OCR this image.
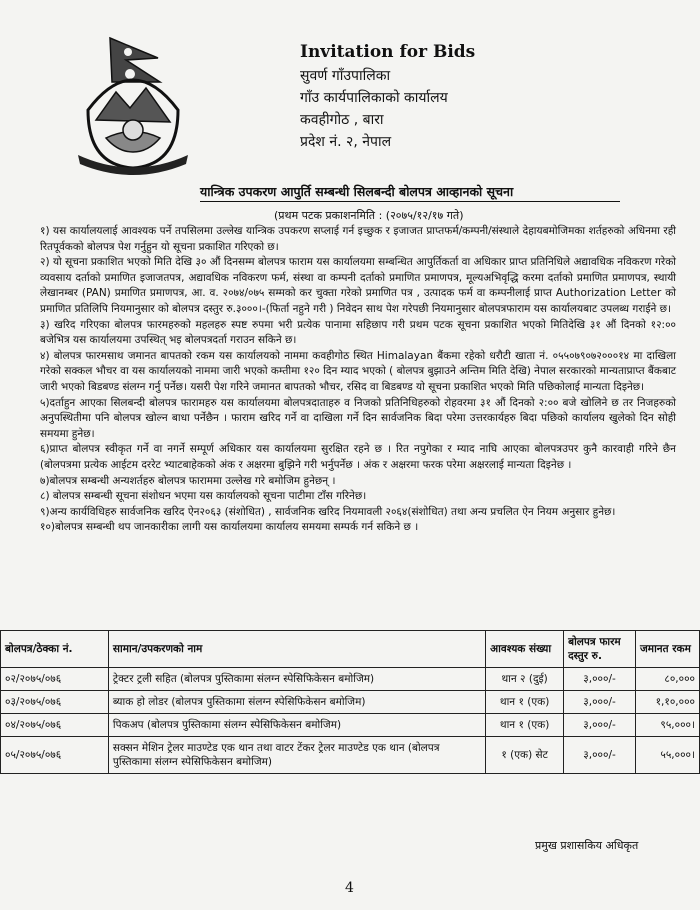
Invitation for Bids
सुवर्ण गाँउपालिका
गाँउ कार्यपालिकाको कार्यालय
कवहीगोठ , बारा
प्रदेश नं. २, नेपाल
यान्त्रिक उपकरण आपुर्ति सम्बन्धी सिलबन्दी बोलपत्र आव्हानको सूचना
(प्रथम पटक प्रकाशनमिति : (२०७५/१२/१७ गते)

१) यस कार्यालयलाई आवश्यक पर्ने तपसिलमा उल्लेख यान्त्रिक उपकरण सप्लाई गर्न इच्छुक र इजाजत प्राप्तफर्म/कम्पनी/संस्थाले देहायबमोजिमका शर्तहरुको अधिनमा रही रितपूर्वकको बोलपत्र पेश गर्नुहुन यो सूचना प्रकाशित गरिएको छ।

२) यो सूचना प्रकाशित भएको मिति देखि ३० औं दिनसम्म बोलपत्र फाराम यस कार्यालयमा सम्बन्धित आपुर्तिकर्ता वा अधिकार प्राप्त प्रतिनिधिले अद्यावधिक नविकरण गरेको व्यवसाय दर्ताको प्रमाणित इजाजतपत्र, अद्यावधिक नविकरण फर्म, संस्था वा कम्पनी दर्ताको प्रमाणित प्रमाणपत्र, मूल्यअभिवृद्धि करमा दर्ताको प्रमाणित प्रमाणपत्र, स्थायी लेखानम्बर (PAN) प्रमाणित प्रमाणपत्र, आ. व. २०७४/०७५ सम्मको कर चुक्ता गरेको प्रमाणित पत्र , उत्पादक फर्म वा कम्पनीलाई प्राप्त Authorization Letter को प्रमाणित प्रतिलिपि नियमानुसार को बोलपत्र दस्तुर रु.३०००।-(फिर्ता नहुने गरी ) निवेदन साथ पेश गरेपछी नियमानुसार बोलपत्रफाराम यस कार्यालयबाट उपलब्ध गराईने छ।

३) खरिद गरिएका बोलपत्र फारमहरुको महलहरु स्पष्ट रुपमा भरी प्रत्येक पानामा सहिछाप गरी प्रथम पटक सूचना प्रकाशित भएको मितिदेखि ३१ औं दिनको १२:०० बजेभित्र यस कार्यालयमा उपस्थित् भइ बोलपत्रदर्ता गराउन सकिने छ।

४) बोलपत्र फारमसाथ जमानत बापतको रकम यस कार्यालयको नाममा कवहीगोठ स्थित Himalayan बैंकमा रहेको धरौटी खाता नं. ०५५०७९०७२०००१४ मा दाखिला गरेको सक्कल भौचर वा यस कार्यालयको नाममा जारी भएको कम्तीमा १२० दिन म्याद भएको ( बोलपत्र बुझाउने अन्तिम मिति देखि) नेपाल सरकारको मान्यताप्राप्त बैंकबाट जारी भएको बिडबण्ड संलग्न गर्नु पर्नेछ। यसरी पेश गरिने जमानत बापतको भौचर, रसिद वा बिडबण्ड यो सूचना प्रकाशित भएको मिति पछिकोलाई मान्यता दिइनेछ।

५)दर्ताहुन आएका सिलबन्दी बोलपत्र फारामहरु यस कार्यालयमा बोलपत्रदाताहरु व निजको प्रतिनिधिहरुको रोहवरमा ३१ औं दिनको २:०० बजे खोलिने छ तर निजहरुको अनुपस्थितीमा पनि बोलपत्र खोल्न बाधा पर्नेछैन । फाराम खरिद गर्ने वा दाखिला गर्ने दिन सार्वजनिक बिदा परेमा उत्तरकार्यहरु बिदा पछिको कार्यालय खुलेको दिन सोही समयमा हुनेछ।

६)प्राप्त बोलपत्र स्वीकृत गर्ने वा नगर्ने सम्पूर्ण अधिकार यस कार्यालयमा सुरक्षित रहने छ । रित नपुगेका र म्याद नाघि आएका बोलपत्रउपर कुनै कारवाही गरिने छैन (बोलपत्रमा प्रत्येक आईटम दररेट भ्याटबाहेकको अंक र अक्षरमा बुझिने गरी भर्नुपर्नेछ । अंक र अक्षरमा फरक परेमा अक्षरलाई मान्यता दिइनेछ ।

७)बोलपत्र सम्बन्धी अन्यशर्तहरु बोलपत्र फाराममा उल्लेख गरे बमोजिम हुनेछन् ।

८) बोलपत्र सम्बन्धी सूचना संशोधन भएमा यस कार्यालयको सूचना पाटीमा टाँस गरिनेछ।

९)अन्य कार्यविधिहरु सार्वजनिक खरिद ऐन२०६३ (संशोधित) , सार्वजनिक खरिद नियमावली २०६४(संशोधित) तथा अन्य प्रचलित ऐन नियम अनुसार हुनेछ।

१०)बोलपत्र सम्बन्धी थप जानकारीका लागी यस कार्यालयमा कार्यालय समयमा सम्पर्क गर्न सकिने छ ।

बोलपत्र/ठेक्का नं.	सामान/उपकरणको नाम	आवश्यक संख्या	बोलपत्र फारम दस्तुर रु.	जमानत रकम
०२/२०७५/०७६	ट्रेक्टर ट्रली सहित (बोलपत्र पुस्तिकामा संलग्न स्पेसिफिकेसन बमोजिम)	थान २ (दुई)	३,०००/-	८०,०००
०३/२०७५/०७६	ब्याक हो लोडर (बोलपत्र पुस्तिकामा संलग्न स्पेसिफिकेसन बमोजिम)	थान १ (एक)	३,०००/-	१,१०,०००
०४/२०७५/०७६	पिकअप (बोलपत्र पुस्तिकामा संलग्न स्पेसिफिकेसन बमोजिम)	थान १ (एक)	३,०००/-	९५,०००।
०५/२०७५/०७६	सक्सन मेशिन ट्रेलर माउण्टेड एक थान तथा वाटर टेंकर ट्रेलर माउण्टेड एक थान (बोलपत्र पुस्तिकामा संलग्न स्पेसिफिकेसन बमोजिम)	१ (एक) सेट	३,०००/-	५५,०००।
प्रमुख प्रशासकिय अधिकृत
4
